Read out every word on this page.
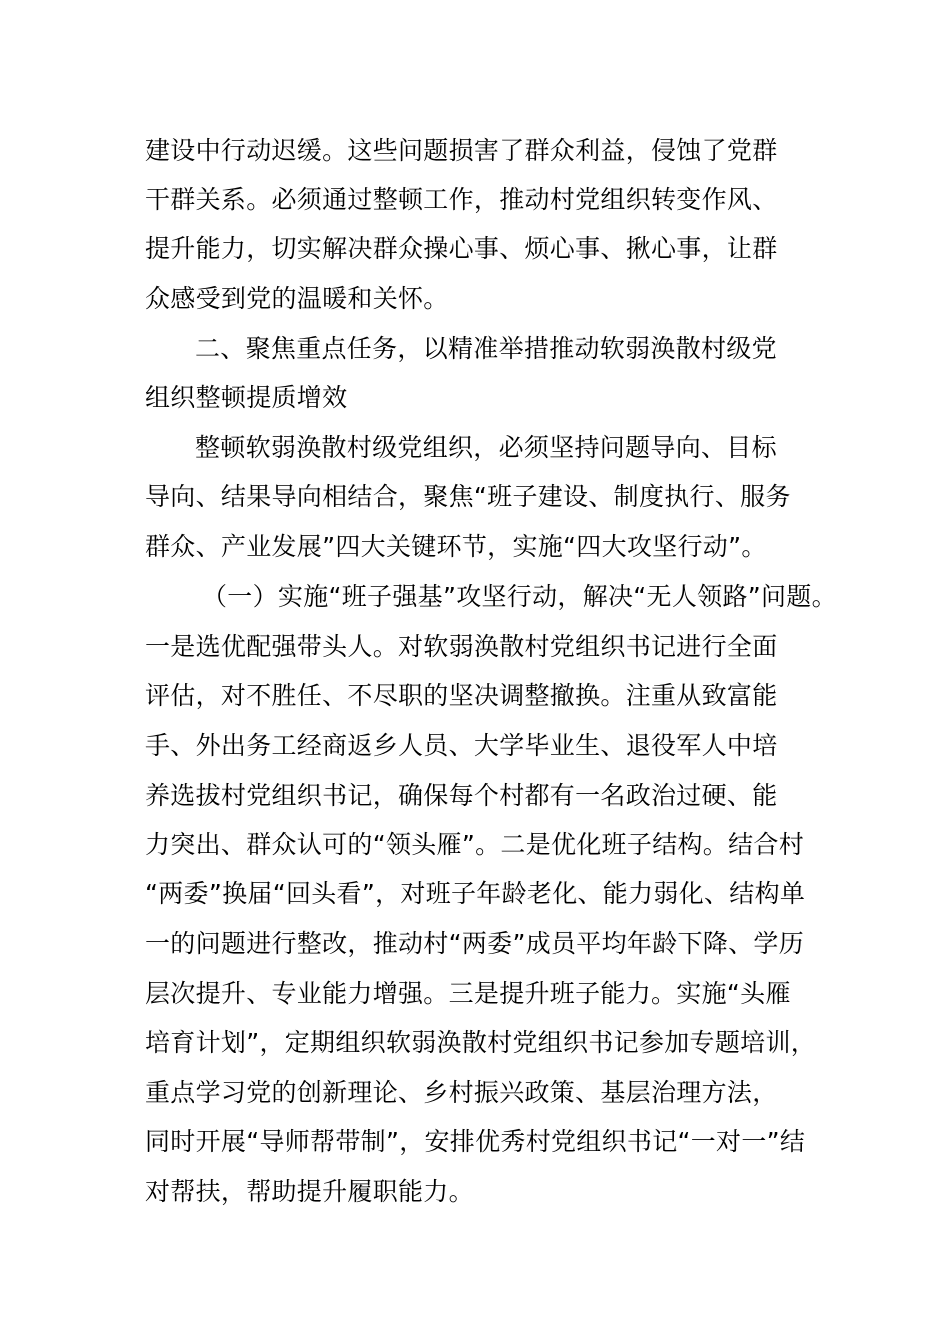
建设中行动迟缓。这些问题损害了群众利益，侵蚀了党群
干群关系。必须通过整顿工作，推动村党组织转变作风、
提升能力，切实解决群众操心事、烦心事、揪心事，让群
众感受到党的温暖和关怀。
二、聚焦重点任务，以精准举措推动软弱涣散村级党
组织整顿提质增效
整顿软弱涣散村级党组织，必须坚持问题导向、目标
导向、结果导向相结合，聚焦“班子建设、制度执行、服务
群众、产业发展”四大关键环节，实施“四大攻坚行动”。
（一）实施“班子强基”攻坚行动，解决“无人领路”问题。
一是选优配强带头人。对软弱涣散村党组织书记进行全面
评估，对不胜任、不尽职的坚决调整撤换。注重从致富能
手、外出务工经商返乡人员、大学毕业生、退役军人中培
养选拔村党组织书记，确保每个村都有一名政治过硬、能
力突出、群众认可的“领头雁”。二是优化班子结构。结合村
“两委”换届“回头看”，对班子年龄老化、能力弱化、结构单
一的问题进行整改，推动村“两委”成员平均年龄下降、学历
层次提升、专业能力增强。三是提升班子能力。实施“头雁
培育计划”，定期组织软弱涣散村党组织书记参加专题培训，
重点学习党的创新理论、乡村振兴政策、基层治理方法，
同时开展“导师帮带制”，安排优秀村党组织书记“一对一”结
对帮扶，帮助提升履职能力。
